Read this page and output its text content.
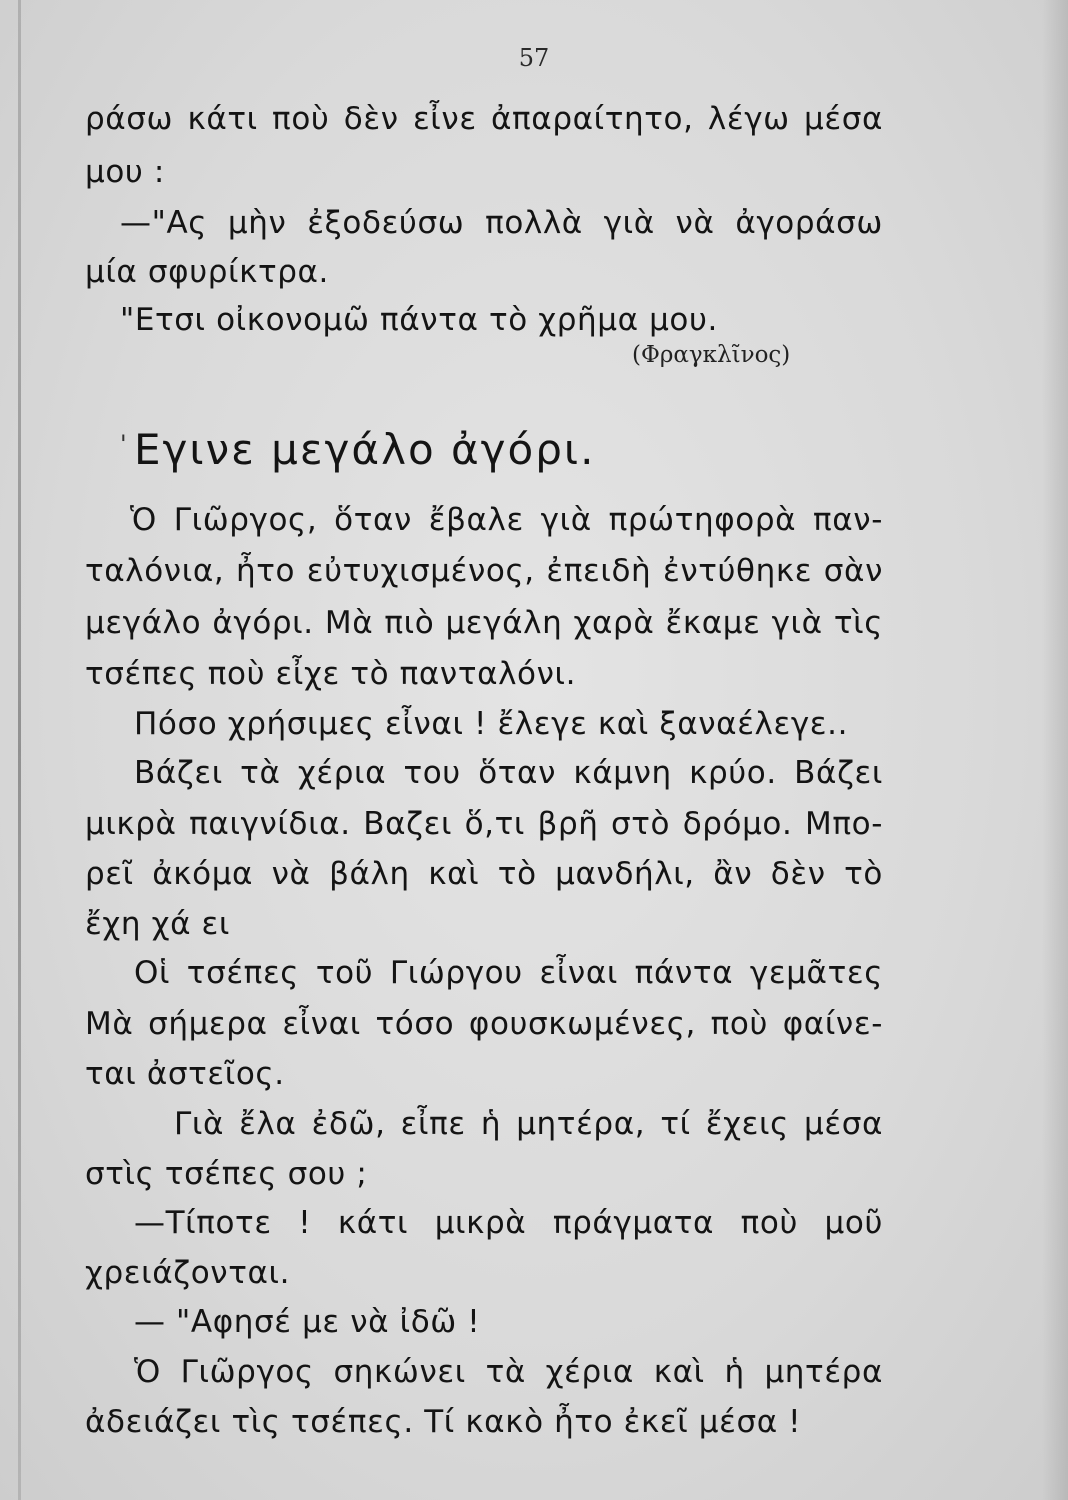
57
ράσω κάτι ποὺ δὲν εἶνε ἀπαραίτητο, λέγω μέσα
μου :
—"Ας μὴν ἐξοδεύσω πολλὰ γιὰ νὰ ἀγοράσω
μία σφυρίκτρα.
"Ετσι οἰκονομῶ πάντα τὸ χρῆμα μου.
(Φραγκλῖνος)
' Εγινε μεγάλο ἀγόρι.
Ὁ Γιῶργος, ὅταν ἔβαλε γιὰ πρώτηφορὰ παν-
ταλόνια, ἦτο εὐτυχισμένος, ἐπειδὴ ἐντύθηκε σὰν
μεγάλο ἀγόρι. Μὰ πιὸ μεγάλη χαρὰ ἔκαμε γιὰ τὶς
τσέπες ποὺ εἶχε τὸ πανταλόνι.
Πόσο χρήσιμες εἶναι ! ἔλεγε καὶ ξαναέλεγε..
Βάζει τὰ χέρια του ὅταν κάμνη κρύο. Βάζει
μικρὰ παιγνίδια. Βαζει ὅ,τι βρῆ στὸ δρόμο. Μπο-
ρεῖ ἀκόμα νὰ βάλη καὶ τὸ μανδήλι, ἂν δὲν τὸ
ἔχη χά ει
Οἱ τσέπες τοῦ Γιώργου εἶναι πάντα γεμᾶτες
Μὰ σήμερα εἶναι τόσο φουσκωμένες, ποὺ φαίνε-
ται ἀστεῖος.
Γιὰ ἔλα ἐδῶ, εἶπε ἡ μητέρα, τί ἔχεις μέσα
στὶς τσέπες σου ;
—Τίποτε ! κάτι μικρὰ πράγματα ποὺ μοῦ
χρειάζονται.
— "Αφησέ με νὰ ἰδῶ !
Ὁ Γιῶργος σηκώνει τὰ χέρια καὶ ἡ μητέρα
ἀδειάζει τὶς τσέπες. Τί κακὸ ἦτο ἐκεῖ μέσα !
